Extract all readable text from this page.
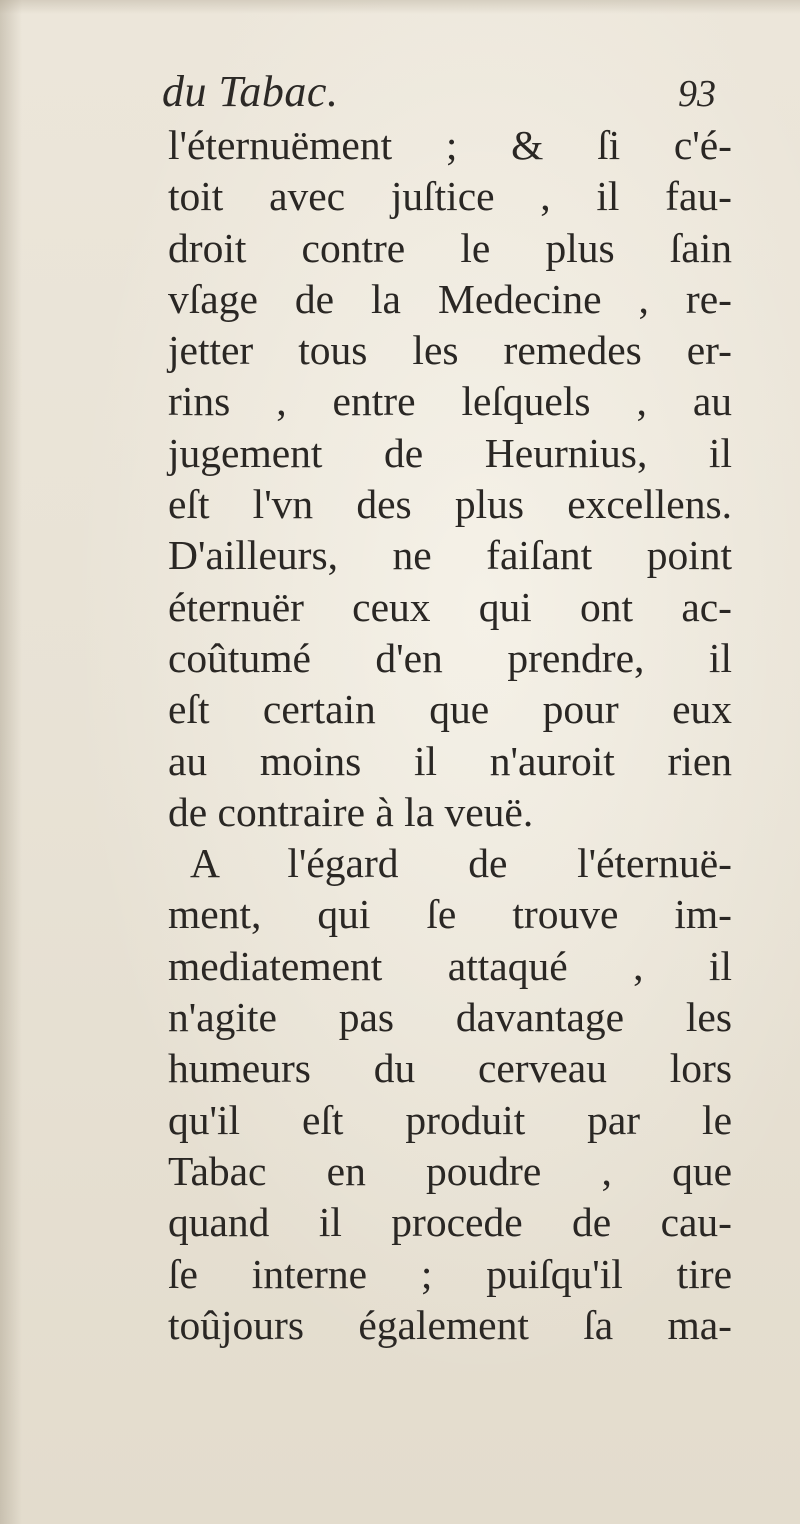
du Tabac.	93
l'éternuëment ; & ſi c'é-
toit avec juſtice , il fau-
droit contre le plus ſain
vſage de la Medecine , re-
jetter tous les remedes er-
rins , entre leſquels , au
jugement de Heurnius, il
eſt l'vn des plus excellens.
D'ailleurs, ne faiſant point
éternuër ceux qui ont ac-
coûtumé d'en prendre, il
eſt certain que pour eux
au moins il n'auroit rien
de contraire à la veuë.
A l'égard de l'éternuë-
ment, qui ſe trouve im-
mediatement attaqué , il
n'agite pas davantage les
humeurs du cerveau lors
qu'il eſt produit par le
Tabac en poudre , que
quand il procede de cau-
ſe interne ; puiſqu'il tire
toûjours également ſa ma-
